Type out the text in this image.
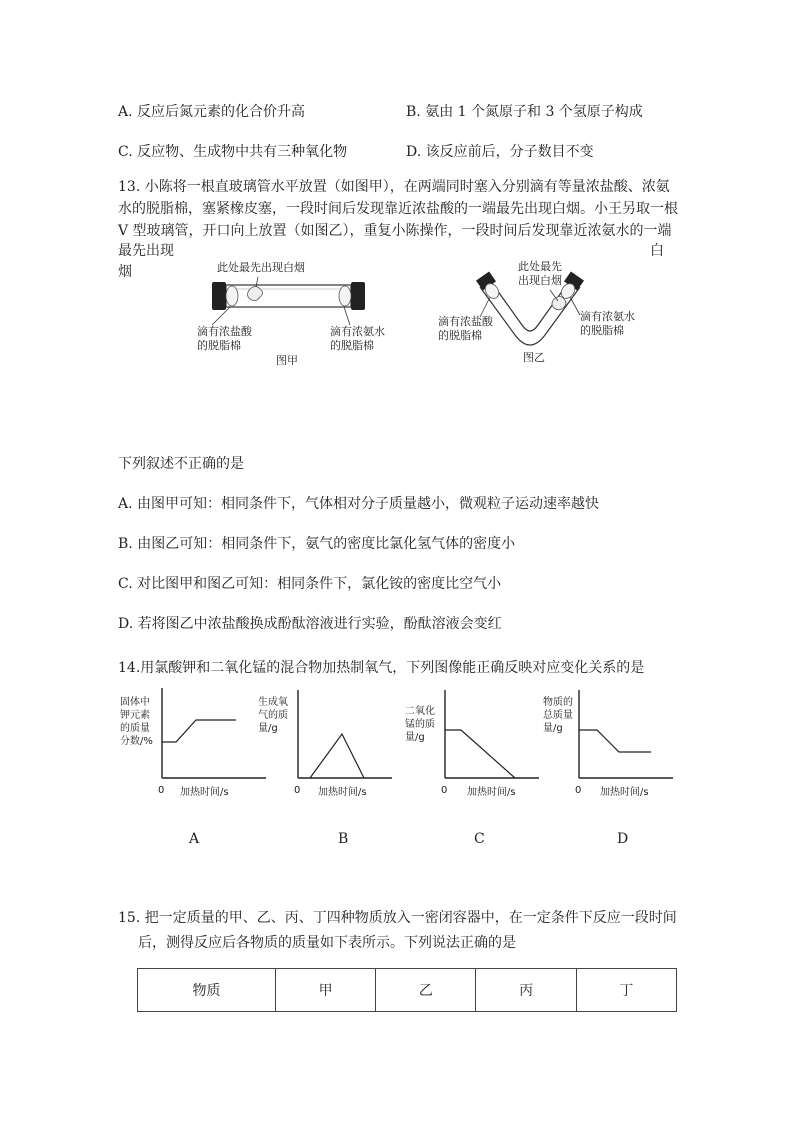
A. 反应后氮元素的化合价升高	B. 氨由 1 个氮原子和 3 个氢原子构成
C. 反应物、生成物中共有三种氧化物	D. 该反应前后，分子数目不变
13. 小陈将一根直玻璃管水平放置（如图甲），在两端同时塞入分别滴有等量浓盐酸、浓氨
水的脱脂棉，塞紧橡皮塞，一段时间后发现靠近浓盐酸的一端最先出现白烟。小王另取一根
V 型玻璃管，开口向上放置（如图乙），重复小陈操作，一段时间后发现靠近浓氨水的一端
最先出现	白
烟	此处最先出现白烟
滴有浓盐酸
的脱脂棉
滴有浓氨水
的脱脂棉
图甲
此处最先
出现白烟
滴有浓盐酸
的脱脂棉
滴有浓氨水
的脱脂棉
图乙
下列叙述不正确的是
A. 由图甲可知：相同条件下，气体相对分子质量越小，微观粒子运动速率越快
B. 由图乙可知：相同条件下，氨气的密度比氯化氢气体的密度小
C. 对比图甲和图乙可知：相同条件下，氯化铵的密度比空气小
D. 若将图乙中浓盐酸换成酚酞溶液进行实验，酚酞溶液会变红
14.用氯酸钾和二氧化锰的混合物加热制氧气，下列图像能正确反映对应变化关系的是
固体中
钾元素
的质量
分数/%
0 加热时间/s
A
生成氧
气的质
量/g
0 加热时间/s
B
二氧化
锰的质
量/g
0 加热时间/s
C
物质的
总质量
量/g
0 加热时间/s
D
15. 把一定质量的甲、乙、丙、丁四种物质放入一密闭容器中，在一定条件下反应一段时间
后，测得反应后各物质的质量如下表所示。下列说法正确的是
物质	甲	乙	丙	丁
